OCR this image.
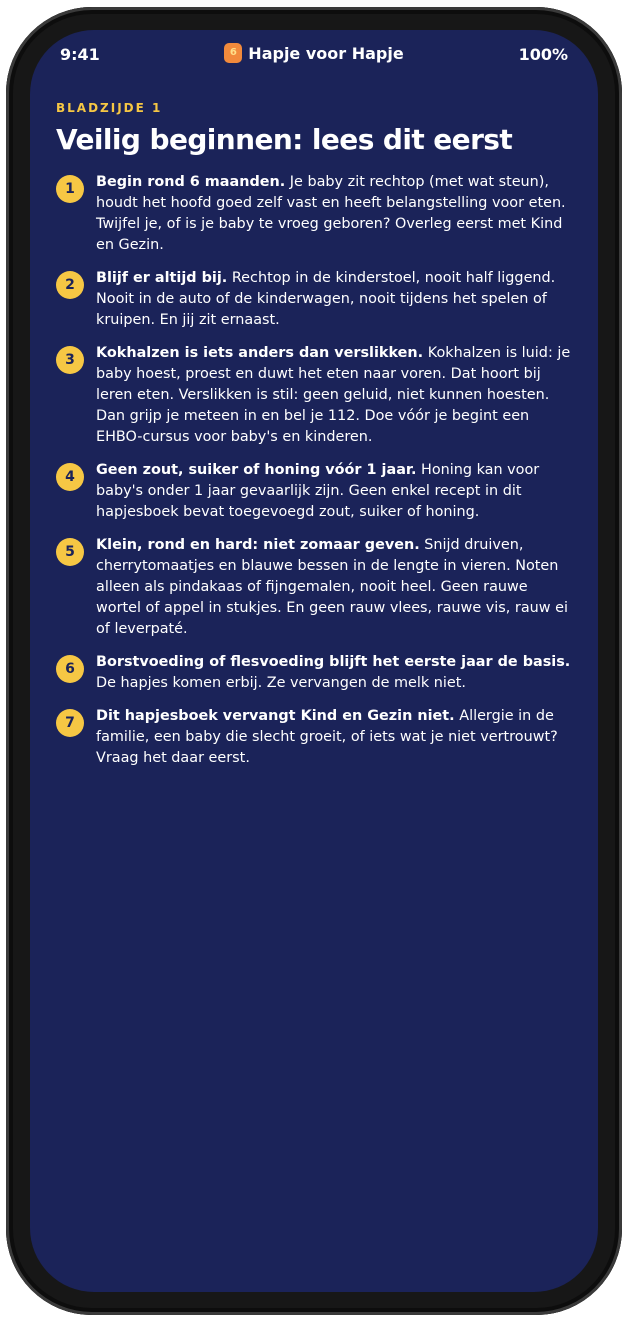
9:41	6 Hapje voor Hapje	100%

BLADZIJDE 1

Veilig beginnen: lees dit eerst
1	Begin rond 6 maanden. Je baby zit rechtop (met wat steun), houdt het hoofd goed zelf vast en heeft belangstelling voor eten. Twijfel je, of is je baby te vroeg geboren? Overleg eerst met Kind en Gezin.

2	Blijf er altijd bij. Rechtop in de kinderstoel, nooit half liggend. Nooit in de auto of de kinderwagen, nooit tijdens het spelen of kruipen. En jij zit ernaast.

3	Kokhalzen is iets anders dan verslikken. Kokhalzen is luid: je baby hoest, proest en duwt het eten naar voren. Dat hoort bij leren eten. Verslikken is stil: geen geluid, niet kunnen hoesten. Dan grijp je meteen in en bel je 112. Doe vóór je begint een EHBO-cursus voor baby's en kinderen.

4	Geen zout, suiker of honing vóór 1 jaar. Honing kan voor baby's onder 1 jaar gevaarlijk zijn. Geen enkel recept in dit hapjesboek bevat toegevoegd zout, suiker of honing.

5	Klein, rond en hard: niet zomaar geven. Snijd druiven, cherrytomaatjes en blauwe bessen in de lengte in vieren. Noten alleen als pindakaas of fijngemalen, nooit heel. Geen rauwe wortel of appel in stukjes. En geen rauw vlees, rauwe vis, rauw ei of leverpaté.

6	Borstvoeding of flesvoeding blijft het eerste jaar de basis. De hapjes komen erbij. Ze vervangen de melk niet.

7	Dit hapjesboek vervangt Kind en Gezin niet. Allergie in de familie, een baby die slecht groeit, of iets wat je niet vertrouwt? Vraag het daar eerst.
